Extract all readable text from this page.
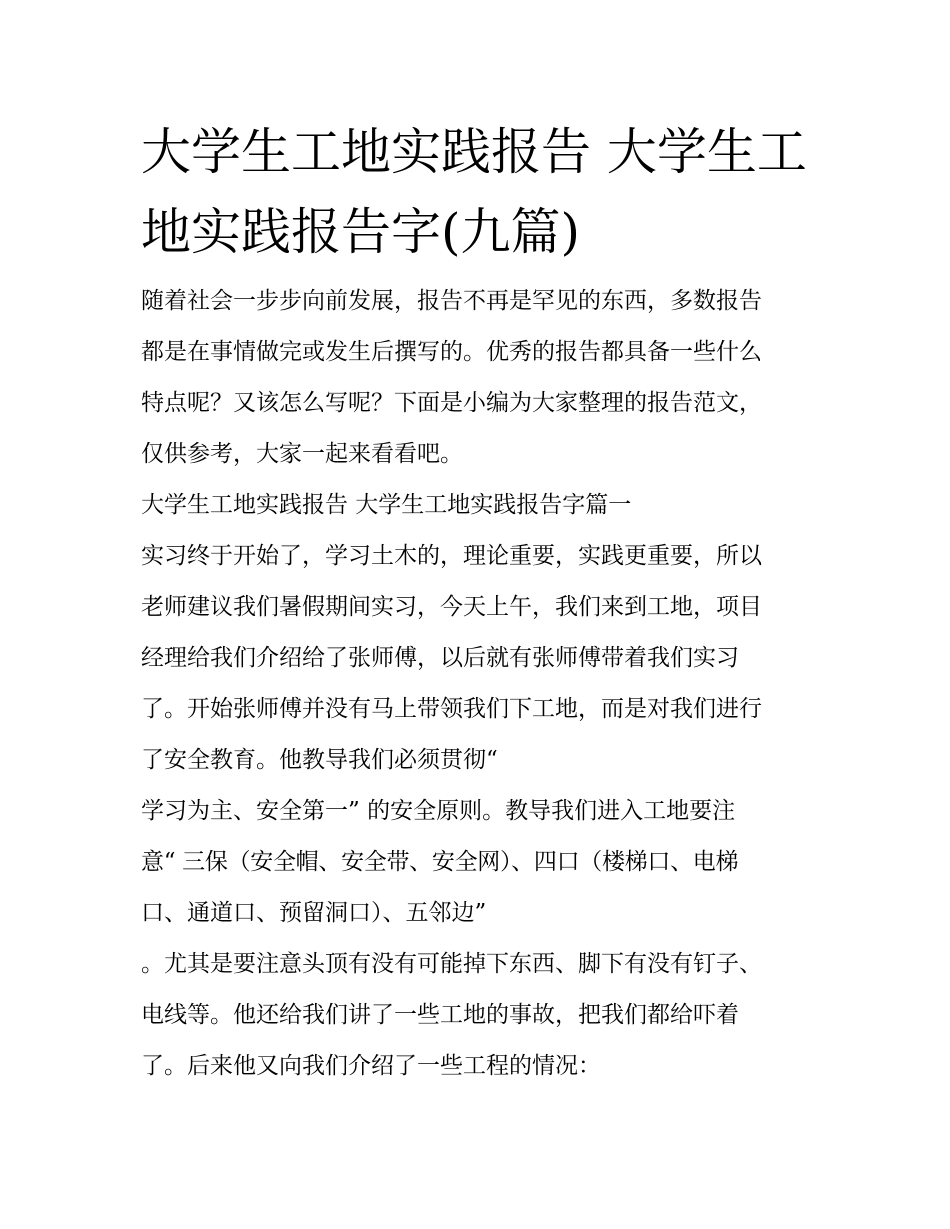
大学生工地实践报告 大学生工
地实践报告字(九篇)
随着社会一步步向前发展，报告不再是罕见的东西，多数报告
都是在事情做完或发生后撰写的。优秀的报告都具备一些什么
特点呢？又该怎么写呢？下面是小编为大家整理的报告范文，
仅供参考，大家一起来看看吧。
大学生工地实践报告 大学生工地实践报告字篇一
实习终于开始了，学习土木的，理论重要，实践更重要，所以
老师建议我们暑假期间实习，今天上午，我们来到工地，项目
经理给我们介绍给了张师傅，以后就有张师傅带着我们实习
了。开始张师傅并没有马上带领我们下工地，而是对我们进行
了安全教育。他教导我们必须贯彻“
学习为主、安全第一” 的安全原则。教导我们进入工地要注
意“ 三保（安全帽、安全带、安全网）、四口（楼梯口、电梯
口、通道口、预留洞口）、五邻边”
。尤其是要注意头顶有没有可能掉下东西、脚下有没有钉子、
电线等。他还给我们讲了一些工地的事故，把我们都给吓着
了。后来他又向我们介绍了一些工程的情况：
